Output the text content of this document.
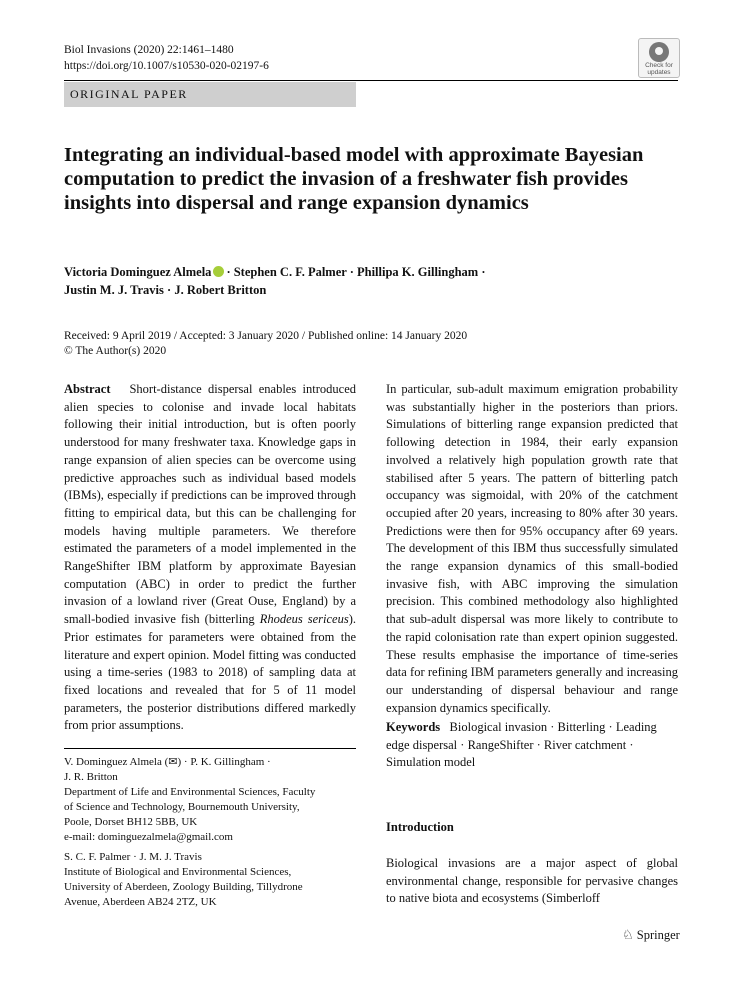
Biol Invasions (2020) 22:1461–1480
https://doi.org/10.1007/s10530-020-02197-6	Check for
updates
ORIGINAL PAPER
Integrating an individual-based model with approximate Bayesian computation to predict the invasion of a freshwater fish provides insights into dispersal and range expansion dynamics
Victoria Dominguez Almela · Stephen C. F. Palmer · Phillipa K. Gillingham ·
Justin M. J. Travis · J. Robert Britton
Received: 9 April 2019 / Accepted: 3 January 2020 / Published online: 14 January 2020
© The Author(s) 2020
Abstract Short-distance dispersal enables introduced alien species to colonise and invade local habitats following their initial introduction, but is often poorly understood for many freshwater taxa. Knowledge gaps in range expansion of alien species can be overcome using predictive approaches such as individual based models (IBMs), especially if predictions can be improved through fitting to empirical data, but this can be challenging for models having multiple parameters. We therefore estimated the parameters of a model implemented in the RangeShifter IBM platform by approximate Bayesian computation (ABC) in order to predict the further invasion of a lowland river (Great Ouse, England) by a small-bodied invasive fish (bitterling Rhodeus sericeus). Prior estimates for parameters were obtained from the literature and expert opinion. Model fitting was conducted using a time-series (1983 to 2018) of sampling data at fixed locations and revealed that for 5 of 11 model parameters, the posterior distributions differed markedly from prior assumptions.
In particular, sub-adult maximum emigration probability was substantially higher in the posteriors than priors. Simulations of bitterling range expansion predicted that following detection in 1984, their early expansion involved a relatively high population growth rate that stabilised after 5 years. The pattern of bitterling patch occupancy was sigmoidal, with 20% of the catchment occupied after 20 years, increasing to 80% after 30 years. Predictions were then for 95% occupancy after 69 years. The development of this IBM thus successfully simulated the range expansion dynamics of this small-bodied invasive fish, with ABC improving the simulation precision. This combined methodology also highlighted that sub-adult dispersal was more likely to contribute to the rapid colonisation rate than expert opinion suggested. These results emphasise the importance of time-series data for refining IBM parameters generally and increasing our understanding of dispersal behaviour and range expansion dynamics specifically.
Keywords Biological invasion · Bitterling · Leading edge dispersal · RangeShifter · River catchment · Simulation model
V. Dominguez Almela (✉) · P. K. Gillingham ·
J. R. Britton
Department of Life and Environmental Sciences, Faculty
of Science and Technology, Bournemouth University,
Poole, Dorset BH12 5BB, UK
e-mail: dominguezalmela@gmail.com
S. C. F. Palmer · J. M. J. Travis
Institute of Biological and Environmental Sciences,
University of Aberdeen, Zoology Building, Tillydrone
Avenue, Aberdeen AB24 2TZ, UK
Introduction
Biological invasions are a major aspect of global environmental change, responsible for pervasive changes to native biota and ecosystems (Simberloff
♘ Springer
